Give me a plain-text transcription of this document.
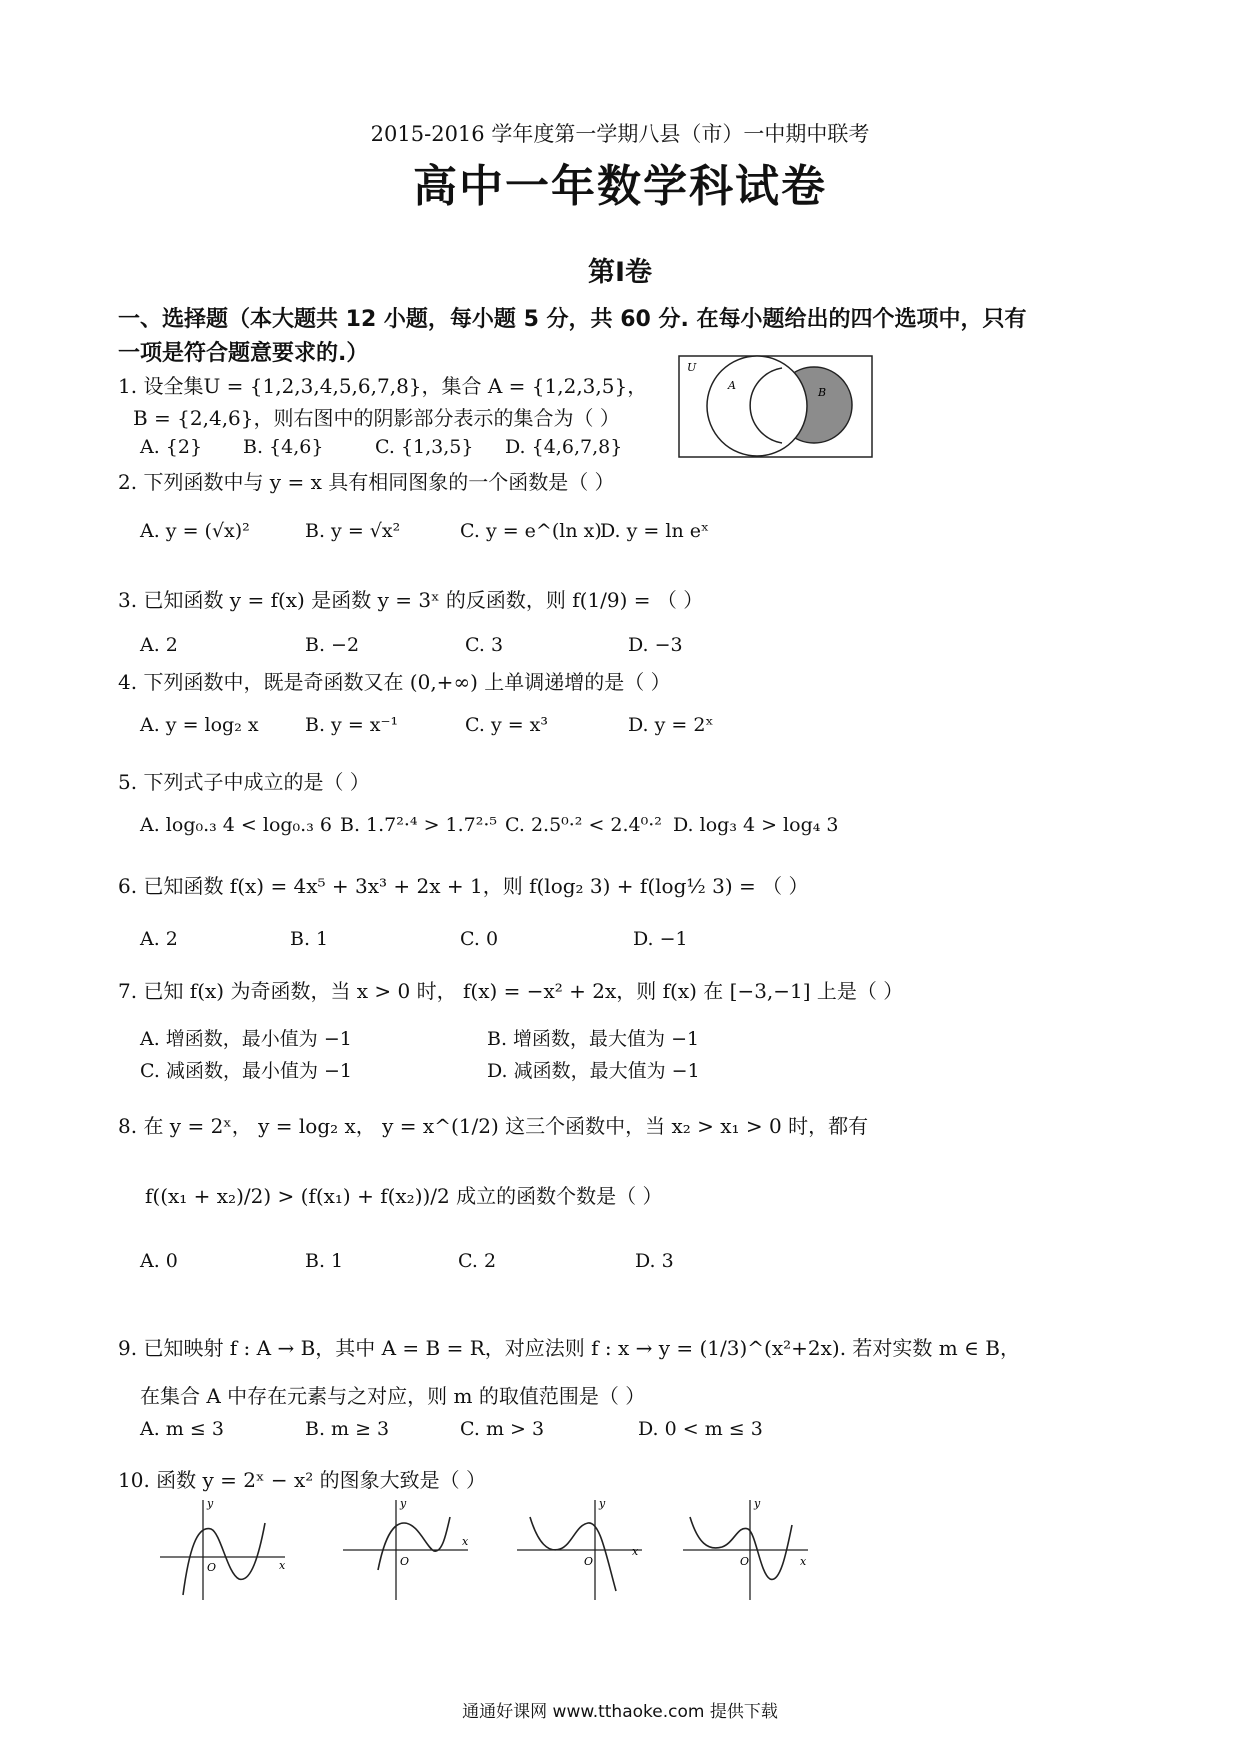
2015-2016 学年度第一学期八县（市）一中期中联考
高中一年数学科试卷
第Ⅰ卷
一、选择题（本大题共 12 小题，每小题 5 分，共 60 分. 在每小题给出的四个选项中，只有
一项是符合题意要求的.）
1. 设全集U = {1,2,3,4,5,6,7,8}，集合 A = {1,2,3,5}，
B = {2,4,6}，则右图中的阴影部分表示的集合为（ ）
A. {2} B. {4,6}	C. {1,3,5} D. {4,6,7,8}
U
A
B
2. 下列函数中与 y = x 具有相同图象的一个函数是（ ）
A. y = (√x)²	B. y = √x²	C. y = e^(ln x)
D. y = ln eˣ
3. 已知函数 y = f(x) 是函数 y = 3ˣ 的反函数，则 f(1/9) = （ ）
A. 2	B. −2	C. 3	D. −3
4. 下列函数中，既是奇函数又在 (0,+∞) 上单调递增的是（ ）
A. y = log₂ x B. y = x⁻¹	C. y = x³	D. y = 2ˣ
5. 下列式子中成立的是（ ）
A. log₀.₃ 4 < log₀.₃ 6 B. 1.7²·⁴ > 1.7²·⁵ C. 2.5⁰·² < 2.4⁰·² D. log₃ 4 > log₄ 3
6. 已知函数 f(x) = 4x⁵ + 3x³ + 2x + 1，则 f(log₂ 3) + f(log½ 3) = （ ）
A. 2	B. 1	C. 0	D. −1
7. 已知 f(x) 为奇函数，当 x > 0 时， f(x) = −x² + 2x，则 f(x) 在 [−3,−1] 上是（ ）
A. 增函数，最小值为 −1	B. 增函数，最大值为 −1
C. 减函数，最小值为 −1	D. 减函数，最大值为 −1
8. 在 y = 2ˣ， y = log₂ x， y = x^(1/2) 这三个函数中，当 x₂ > x₁ > 0 时，都有
f((x₁ + x₂)/2) > (f(x₁) + f(x₂))/2 成立的函数个数是（ ）
A. 0	B. 1	C. 2	D. 3
9. 已知映射 f : A → B，其中 A = B = R，对应法则 f : x → y = (1/3)^(x²+2x). 若对实数 m ∈ B，
在集合 A 中存在元素与之对应，则 m 的取值范围是（ ）
A. m ≤ 3	B. m ≥ 3	C. m > 3	D. 0 < m ≤ 3
10. 函数 y = 2ˣ − x² 的图象大致是（ ）
y
x
O
y
x
O
y
x
O
y
x
O
通通好课网 www.tthaoke.com 提供下载
